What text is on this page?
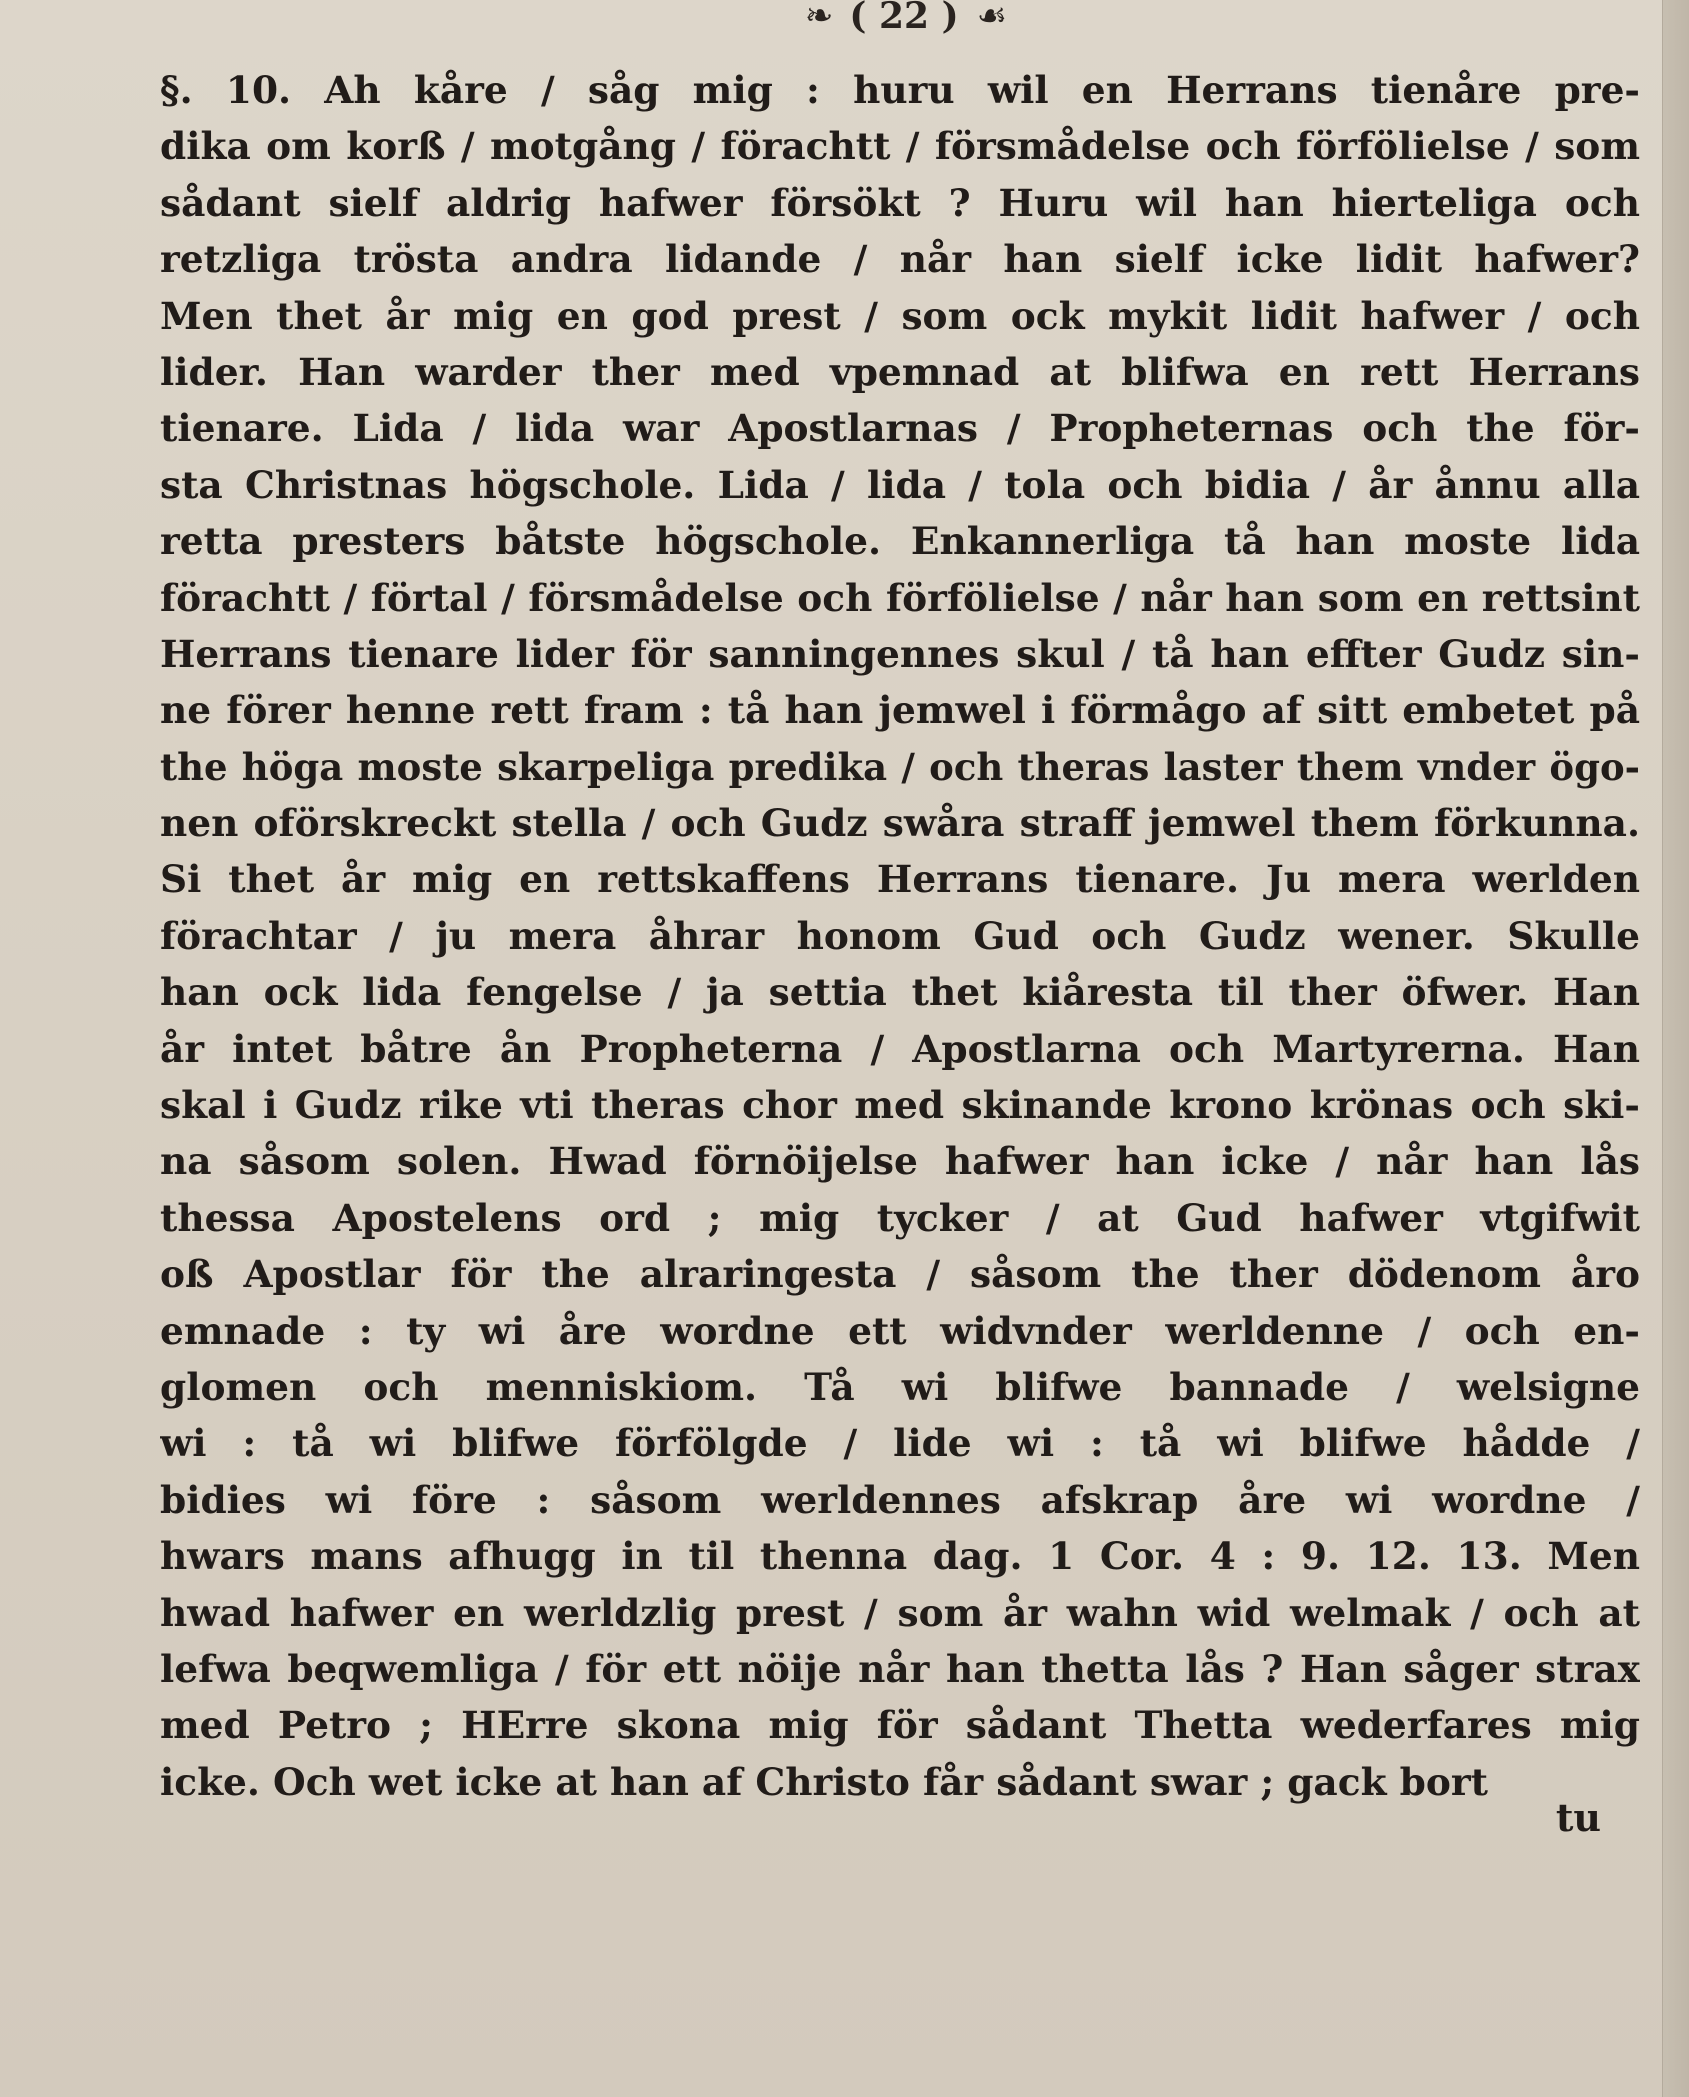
❧ ( 22 ) ☙
§. 10. Ah kåre / såg mig : huru wil en Herrans tienåre pre-
dika om korß / motgång / förachtt / försmådelse och förfölielse / som
sådant sielf aldrig hafwer försökt ? Huru wil han hierteliga och
retzliga trösta andra lidande / når han sielf icke lidit hafwer?
Men thet år mig en god prest / som ock mykit lidit hafwer / och
lider. Han warder ther med vpemnad at blifwa en rett Herrans
tienare. Lida / lida war Apostlarnas / Propheternas och the för-
sta Christnas högschole. Lida / lida / tola och bidia / år ånnu alla
retta presters båtste högschole. Enkannerliga tå han moste lida
förachtt / förtal / försmådelse och förfölielse / når han som en rettsint
Herrans tienare lider för sanningennes skul / tå han effter Gudz sin-
ne förer henne rett fram : tå han jemwel i förmågo af sitt embetet på
the höga moste skarpeliga predika / och theras laster them vnder ögo-
nen oförskreckt stella / och Gudz swåra straff jemwel them förkunna.
Si thet år mig en rettskaffens Herrans tienare. Ju mera werlden
förachtar / ju mera åhrar honom Gud och Gudz wener. Skulle
han ock lida fengelse / ja settia thet kiåresta til ther öfwer. Han
år intet båtre ån Propheterna / Apostlarna och Martyrerna. Han
skal i Gudz rike vti theras chor med skinande krono krönas och ski-
na såsom solen. Hwad förnöijelse hafwer han icke / når han lås
thessa Apostelens ord ; mig tycker / at Gud hafwer vtgifwit
oß Apostlar för the alraringesta / såsom the ther dödenom åro
emnade : ty wi åre wordne ett widvnder werldenne / och en-
glomen och menniskiom. Tå wi blifwe bannade / welsigne
wi : tå wi blifwe förfölgde / lide wi : tå wi blifwe hådde /
bidies wi före : såsom werldennes afskrap åre wi wordne /
hwars mans afhugg in til thenna dag. 1 Cor. 4 : 9. 12. 13. Men
hwad hafwer en werldzlig prest / som år wahn wid welmak / och at
lefwa beqwemliga / för ett nöije når han thetta lås ? Han såger strax
med Petro ; HErre skona mig för sådant Thetta wederfares mig
icke. Och wet icke at han af Christo får sådant swar ; gack bort
tu
